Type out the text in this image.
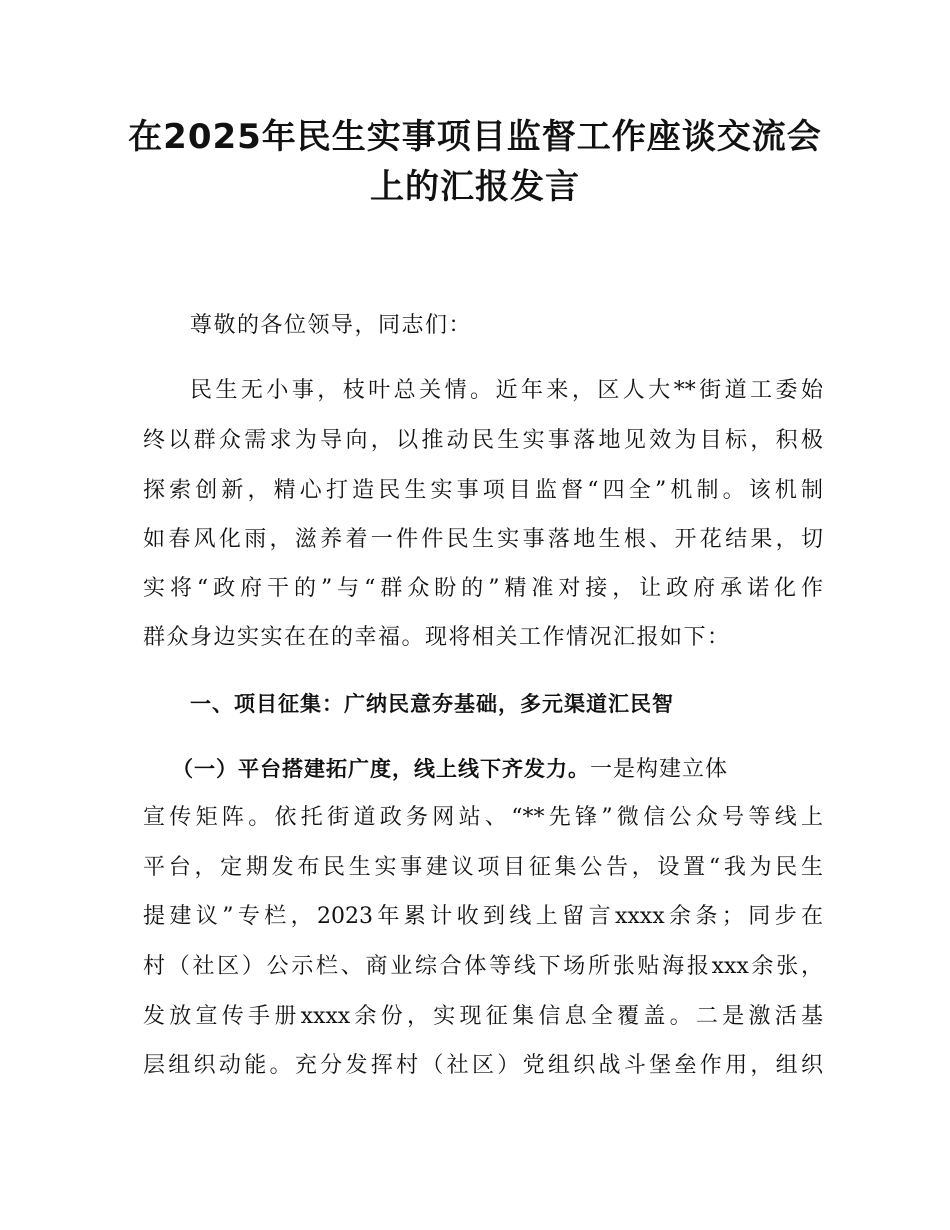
在2025年民生实事项目监督工作座谈交流会
上的汇报发言
尊敬的各位领导，同志们：
民生无小事，枝叶总关情。近年来，区人大**街道工委始
终以群众需求为导向，以推动民生实事落地见效为目标，积极
探索创新，精心打造民生实事项目监督“四全”机制。该机制
如春风化雨，滋养着一件件民生实事落地生根、开花结果，切
实将“政府干的”与“群众盼的”精准对接，让政府承诺化作
群众身边实实在在的幸福。现将相关工作情况汇报如下：
一、项目征集：广纳民意夯基础，多元渠道汇民智
（一）平台搭建拓广度，线上线下齐发力。一是构建立体
宣传矩阵。依托街道政务网站、“**先锋”微信公众号等线上
平台，定期发布民生实事建议项目征集公告，设置“我为民生
提建议”专栏，2023年累计收到线上留言xxxx余条；同步在
村（社区）公示栏、商业综合体等线下场所张贴海报xxx余张，
发放宣传手册xxxx余份，实现征集信息全覆盖。二是激活基
层组织动能。充分发挥村（社区）党组织战斗堡垒作用，组织
